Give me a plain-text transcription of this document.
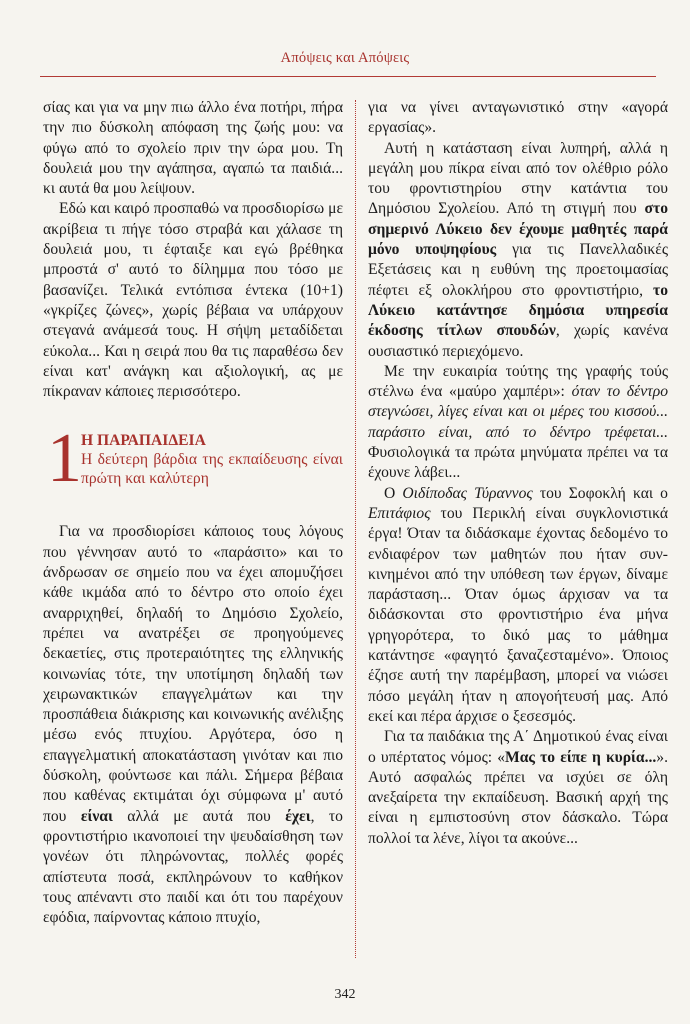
Απόψεις και Απόψεις

σίας και για να μην πιω άλλο ένα ποτήρι, πήρα την πιο δύσκολη απόφαση της ζωής μου: να φύγω από το σχολείο πριν την ώρα μου. Τη δουλειά μου την αγάπησα, αγαπώ τα παιδιά... κι αυτά θα μου λείψουν.

Εδώ και καιρό προσπαθώ να προσδιορίσω με ακρίβεια τι πήγε τόσο στραβά και χάλασε τη δουλειά μου, τι έφταιξε και εγώ βρέθηκα μπροστά σ' αυτό το δίλημμα που τόσο με βασανίζει. Τελικά εντόπισα έντεκα (10+1) «γκρίζες ζώνες», χωρίς βέβαια να υπάρχουν στεγανά ανάμεσά τους. Η σήψη μεταδίδεται εύκολα... Και η σειρά που θα τις παραθέσω δεν είναι κατ' ανάγκη και αξιολογική, ας με πίκραναν κάποιες περισσότερο.

1 Η ΠΑΡΑΠΑΙΔΕΙΑ
Η δεύτερη βάρδια της εκπαίδευσης είναι πρώτη και καλύτερη

Για να προσδιορίσει κάποιος τους λόγους που γέννησαν αυτό το «παράσιτο» και το άνδρωσαν σε σημείο που να έχει απομυζήσει κάθε ικμάδα από το δέντρο στο οποίο έχει αναρριχηθεί, δηλαδή το Δημόσιο Σχολείο, πρέπει να ανατρέξει σε προηγούμενες δεκαετίες, στις προτεραιότητες της ελληνικής κοινωνίας τότε, την υποτίμηση δηλαδή των χειρωνακτικών επαγγελμάτων και την προσπάθεια διάκρισης και κοινωνικής ανέλιξης μέσω ενός πτυχίου. Αργότερα, όσο η επαγγελματική αποκατάσταση γινόταν και πιο δύσκολη, φούντωσε και πάλι. Σήμερα βέβαια που καθένας εκτιμάται όχι σύμφωνα μ' αυτό που είναι αλλά με αυτά που έχει, το φροντιστήριο ικανοποιεί την ψευδαίσθηση των γονέων ότι πληρώνοντας, πολλές φορές απίστευτα ποσά, εκπληρώνουν το καθήκον τους απέναντι στο παιδί και ότι του παρέχουν εφόδια, παίρνοντας κάποιο πτυχίο,

για να γίνει ανταγωνιστικό στην «αγορά εργασίας».

Αυτή η κατάσταση είναι λυπηρή, αλλά η μεγάλη μου πίκρα είναι από τον ολέθριο ρόλο του φροντιστηρίου στην κατάντια του Δημόσιου Σχολείου. Από τη στιγμή που στο σημερινό Λύκειο δεν έχουμε μαθητές παρά μόνο υποψηφίους για τις Πανελλαδικές Εξετάσεις και η ευθύνη της προετοιμασίας πέφτει εξ ολοκλήρου στο φροντιστήριο, το Λύκειο κατάντησε δημόσια υπηρεσία έκδοσης τίτλων σπουδών, χωρίς κανένα ουσιαστικό περιεχόμενο.

Με την ευκαιρία τούτης της γραφής τούς στέλνω ένα «μαύρο χαμπέρι»: όταν το δέντρο στεγνώσει, λίγες είναι και οι μέρες του κισσού... παράσιτο είναι, από το δέντρο τρέφεται... Φυσιολογικά τα πρώτα μηνύματα πρέπει να τα έχουνε λάβει...

Ο Οιδίποδας Τύραννος του Σοφοκλή και ο Επιτάφιος του Περικλή είναι συγκλονιστικά έργα! Όταν τα διδάσκαμε έχοντας δεδομένο το ενδιαφέρον των μαθητών που ήταν συν-κινημένοι από την υπόθεση των έργων, δίναμε παράσταση... Όταν όμως άρχισαν να τα διδάσκονται στο φροντιστήριο ένα μήνα γρηγορότερα, το δικό μας το μάθημα κατάντησε «φαγητό ξαναζεσταμένο». Όποιος έζησε αυτή την παρέμβαση, μπορεί να νιώσει πόσο μεγάλη ήταν η απογοήτευσή μας. Από εκεί και πέρα άρχισε ο ξεσεσμός.

Για τα παιδάκια της Α΄ Δημοτικού ένας είναι ο υπέρτατος νόμος: «Μας το είπε η κυρία...». Αυτό ασφαλώς πρέπει να ισχύει σε όλη ανεξαίρετα την εκπαίδευση. Βασική αρχή της είναι η εμπιστοσύνη στον δάσκαλο. Τώρα πολλοί τα λένε, λίγοι τα ακούνε...

342
